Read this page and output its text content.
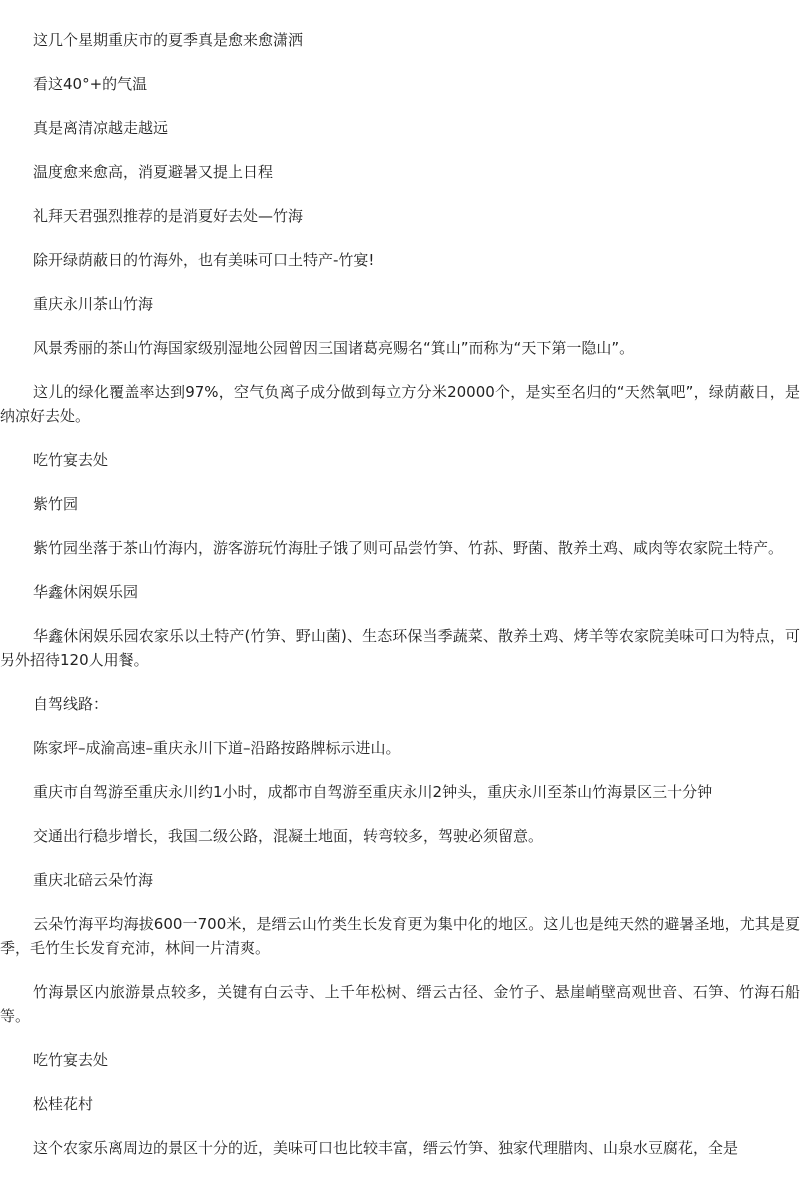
这几个星期重庆市的夏季真是愈来愈潇洒

看这40°+的气温

真是离清凉越走越远

温度愈来愈高，消夏避暑又提上日程

礼拜天君强烈推荐的是消夏好去处—竹海

除开绿荫蔽日的竹海外，也有美味可口土特产-竹宴!

重庆永川茶山竹海

风景秀丽的茶山竹海国家级别湿地公园曾因三国诸葛亮赐名“箕山”而称为“天下第一隐山”。

这儿的绿化覆盖率达到97%，空气负离子成分做到每立方分米20000个，是实至名归的“天然氧吧”，绿荫蔽日，是纳凉好去处。

吃竹宴去处

紫竹园

紫竹园坐落于茶山竹海内，游客游玩竹海肚子饿了则可品尝竹笋、竹荪、野菌、散养土鸡、咸肉等农家院土特产。

华鑫休闲娱乐园

华鑫休闲娱乐园农家乐以土特产(竹笋、野山菌)、生态环保当季蔬菜、散养土鸡、烤羊等农家院美味可口为特点，可另外招待120人用餐。

自驾线路：

陈家坪–成渝高速–重庆永川下道–沿路按路牌标示进山。

重庆市自驾游至重庆永川约1小时，成都市自驾游至重庆永川2钟头，重庆永川至茶山竹海景区三十分钟

交通出行稳步增长，我国二级公路，混凝土地面，转弯较多，驾驶必须留意。

重庆北碚云朵竹海

云朵竹海平均海拔600一700米，是缙云山竹类生长发育更为集中化的地区。这儿也是纯天然的避暑圣地，尤其是夏季，毛竹生长发育充沛，林间一片清爽。

竹海景区内旅游景点较多，关键有白云寺、上千年松树、缙云古径、金竹子、悬崖峭壁高观世音、石笋、竹海石船等。

吃竹宴去处

松桂花村

这个农家乐离周边的景区十分的近，美味可口也比较丰富，缙云竹笋、独家代理腊肉、山泉水豆腐花，全是
